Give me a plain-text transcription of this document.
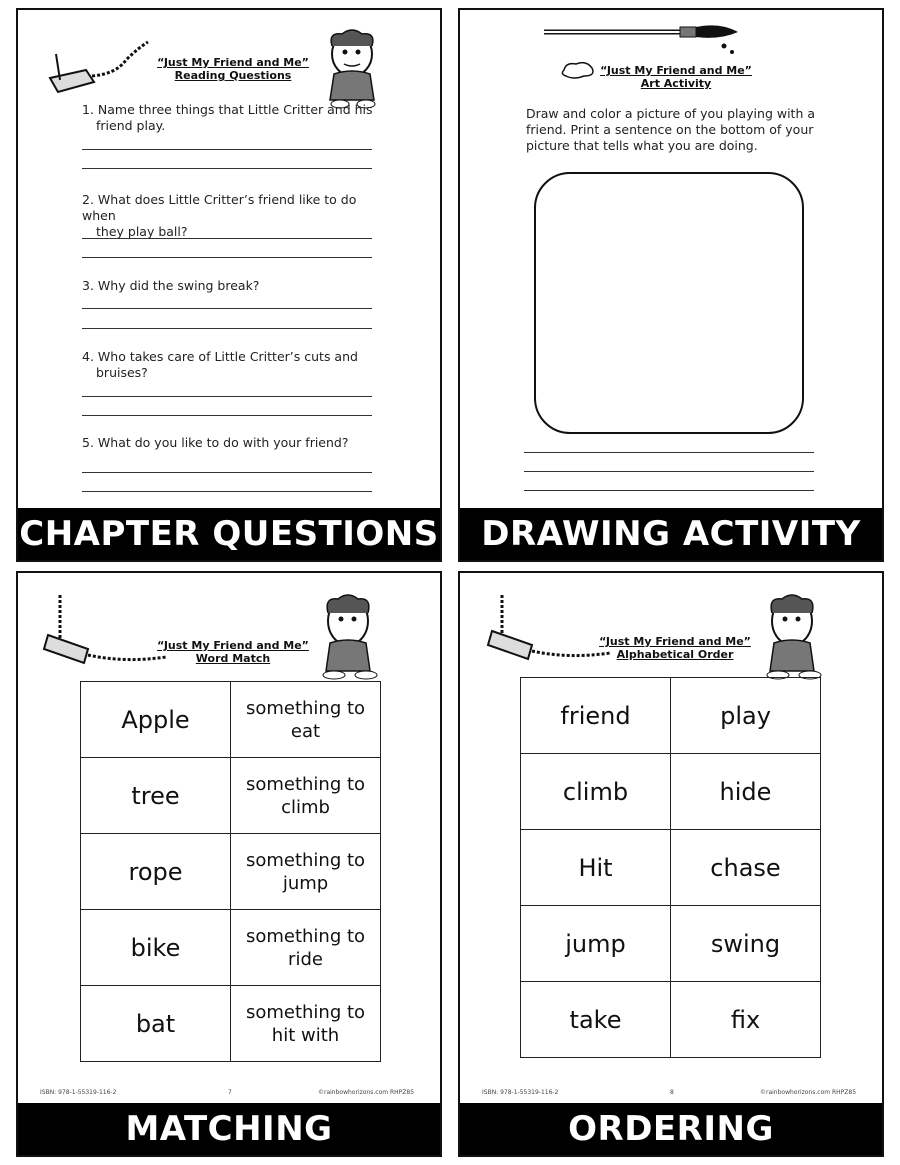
“Just My Friend and Me”
Reading Questions
1. Name three things that Little Critter and his
friend play.
2. What does Little Critter’s friend like to do when
they play ball?
3. Why did the swing break?
4. Who takes care of Little Critter’s cuts and
bruises?
5. What do you like to do with your friend?
CHAPTER QUESTIONS
“Just My Friend and Me”
Art Activity
Draw and color a picture of you playing with a friend. Print a sentence on the bottom of your picture that tells what you are doing.
DRAWING ACTIVITY
“Just My Friend and Me”
Word Match
Apple	something to
eat
tree	something to
climb
rope	something to
jump
bike	something to
ride
bat	something to
hit with
ISBN: 978-1-55319-116-2	7	©rainbowhorizons.com RHPZ85
MATCHING
“Just My Friend and Me”
Alphabetical Order
friend	play
climb	hide
Hit	chase
jump	swing
take	fix
ISBN: 978-1-55319-116-2	8	©rainbowhorizons.com RHPZ85
ORDERING
